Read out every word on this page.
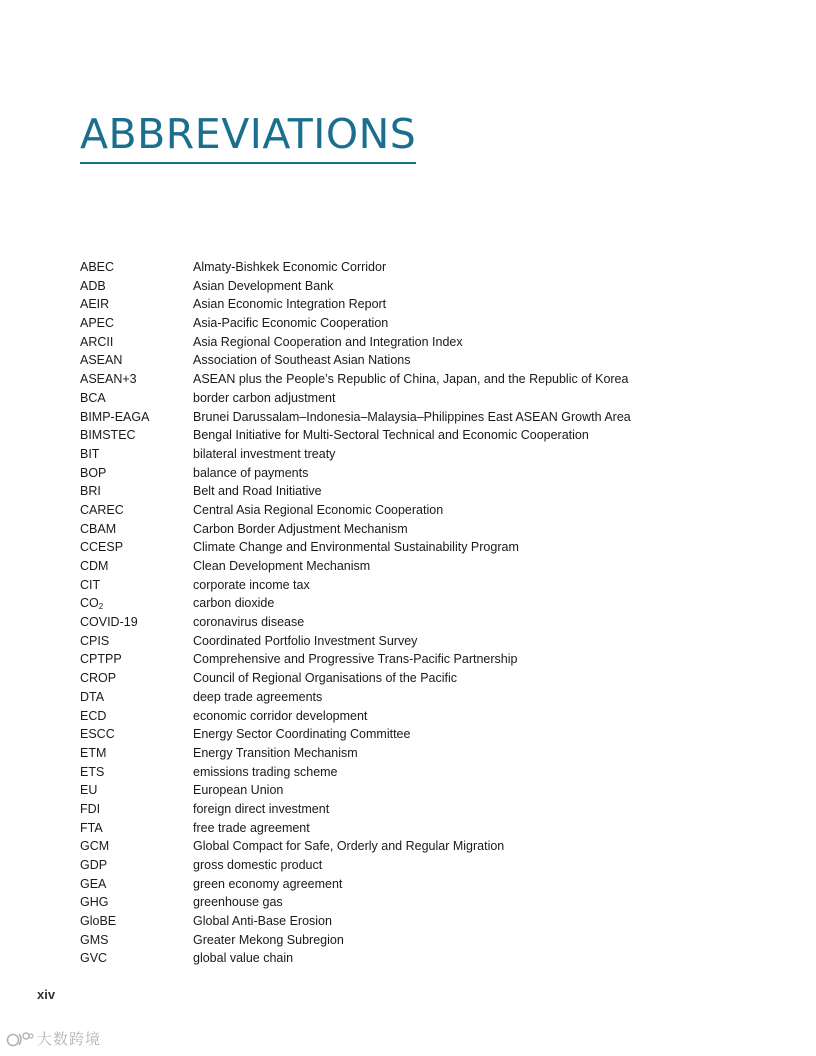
ABBREVIATIONS
ABEC	Almaty-Bishkek Economic Corridor
ADB	Asian Development Bank
AEIR	Asian Economic Integration Report
APEC	Asia-Pacific Economic Cooperation
ARCII	Asia Regional Cooperation and Integration Index
ASEAN	Association of Southeast Asian Nations
ASEAN+3	ASEAN plus the People’s Republic of China, Japan, and the Republic of Korea
BCA	border carbon adjustment
BIMP-EAGA	Brunei Darussalam–Indonesia–Malaysia–Philippines East ASEAN Growth Area
BIMSTEC	Bengal Initiative for Multi-Sectoral Technical and Economic Cooperation
BIT	bilateral investment treaty
BOP	balance of payments
BRI	Belt and Road Initiative
CAREC	Central Asia Regional Economic Cooperation
CBAM	Carbon Border Adjustment Mechanism
CCESP	Climate Change and Environmental Sustainability Program
CDM	Clean Development Mechanism
CIT	corporate income tax
$CO_2$	carbon dioxide
COVID-19	coronavirus disease
CPIS	Coordinated Portfolio Investment Survey
CPTPP	Comprehensive and Progressive Trans-Pacific Partnership
CROP	Council of Regional Organisations of the Pacific
DTA	deep trade agreements
ECD	economic corridor development
ESCC	Energy Sector Coordinating Committee
ETM	Energy Transition Mechanism
ETS	emissions trading scheme
EU	European Union
FDI	foreign direct investment
FTA	free trade agreement
GCM	Global Compact for Safe, Orderly and Regular Migration
GDP	gross domestic product
GEA	green economy agreement
GHG	greenhouse gas
GloBE	Global Anti-Base Erosion
GMS	Greater Mekong Subregion
GVC	global value chain
xiv
大数跨境
